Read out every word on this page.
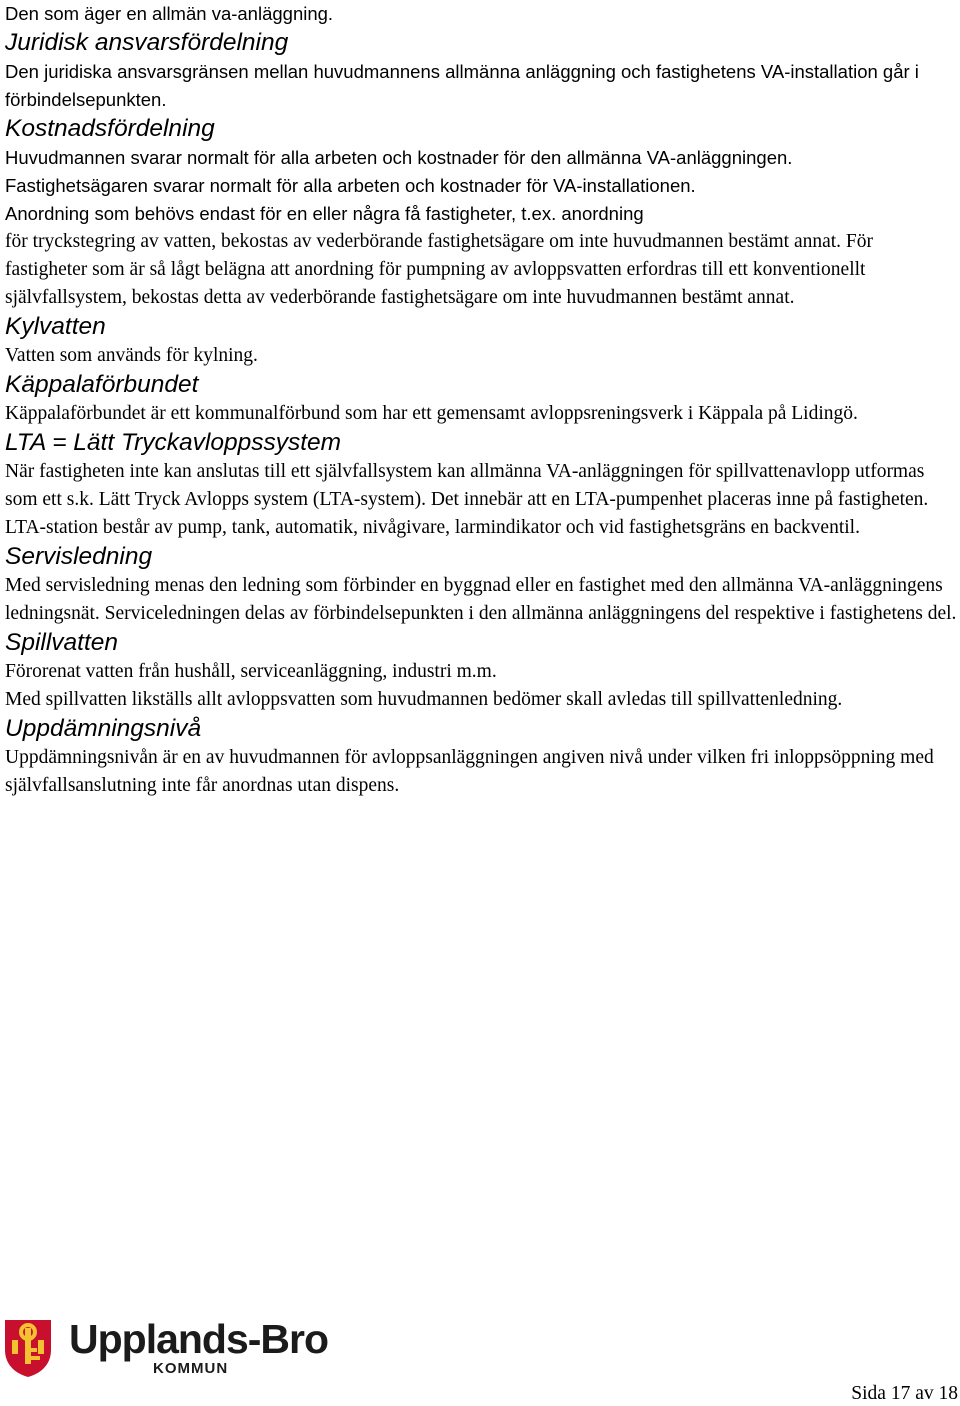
Den som äger en allmän va-anläggning.

Juridisk ansvarsfördelning

Den juridiska ansvarsgränsen mellan huvudmannens allmänna anläggning och fastighetens VA-installation går i förbindelsepunkten.

Kostnadsfördelning

Huvudmannen svarar normalt för alla arbeten och kostnader för den allmänna VA-anläggningen.

Fastighetsägaren svarar normalt för alla arbeten och kostnader för VA-installationen.

Anordning som behövs endast för en eller några få fastigheter, t.ex. anordning

för tryckstegring av vatten, bekostas av vederbörande fastighetsägare om inte huvudmannen bestämt annat. För fastigheter som är så lågt belägna att anordning för pumpning av avloppsvatten erfordras till ett konventionellt självfallsystem, bekostas detta av vederbörande fastighetsägare om inte huvudmannen bestämt annat.

Kylvatten

Vatten som används för kylning.

Käppalaförbundet

Käppalaförbundet är ett kommunalförbund som har ett gemensamt avloppsreningsverk i Käppala på Lidingö.

LTA = Lätt Tryckavloppssystem

När fastigheten inte kan anslutas till ett självfallsystem kan allmänna VA-anläggningen för spillvattenavlopp utformas som ett s.k. Lätt Tryck Avlopps system (LTA-system). Det innebär att en LTA-pumpenhet placeras inne på fastigheten. LTA-station består av pump, tank, automatik, nivågivare, larmindikator och vid fastighetsgräns en backventil.

Servisledning

Med servisledning menas den ledning som förbinder en byggnad eller en fastighet med den allmänna VA-anläggningens ledningsnät. Serviceledningen delas av förbindelsepunkten i den allmänna anläggningens del respektive i fastighetens del.

Spillvatten

Förorenat vatten från hushåll, serviceanläggning, industri m.m.

Med spillvatten likställs allt avloppsvatten som huvudmannen bedömer skall avledas till spillvattenledning.

Uppdämningsnivå

Uppdämningsnivån är en av huvudmannen för avloppsanläggningen angiven nivå under vilken fri inloppsöppning med självfallsanslutning inte får anordnas utan dispens.

Upplands-Bro
KOMMUN
Sida 17 av 18
